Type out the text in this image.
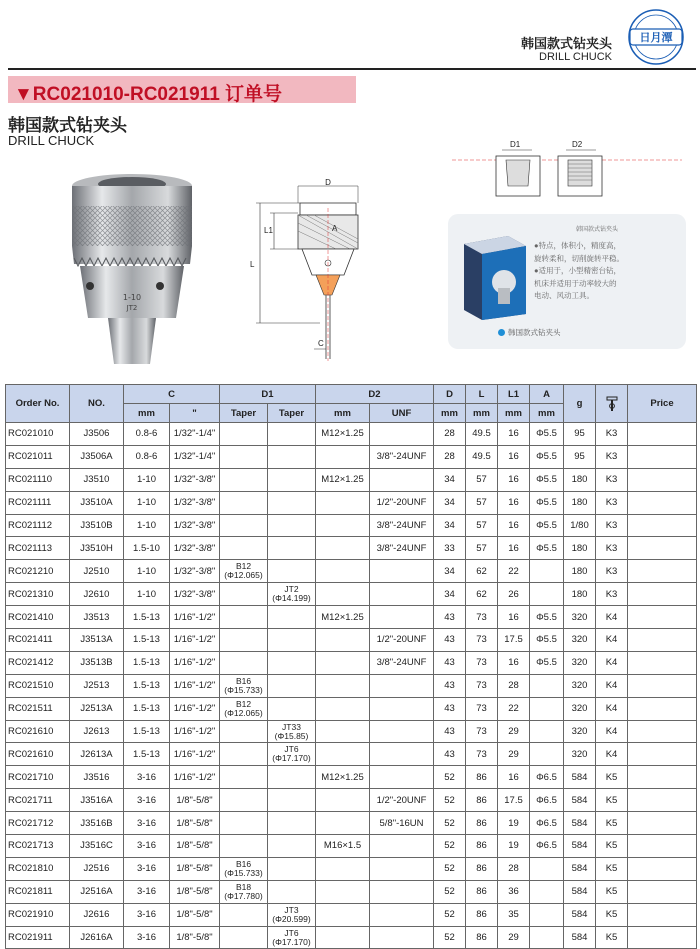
韩国款式钻夹头
DRILL CHUCK
日月潭
▼RC021010-RC021911 订单号
韩国款式钻夹头
DRILL CHUCK
1-10
JT2
D
A
L1
L
C
D1	D2
韩国款式钻夹头
●特点，体积小，精度高，
旋转柔和，切削旋转平稳。
●适用于，小型精密台钻，
机床并适用于动率较大的
电动、风动工具。
韩国款式钻夹头
Order No.	NO.	C		D1		D2		D	L	L1	A	g		Price
		mm	"	Taper	Taper	mm	UNF	mm	mm	mm	mm			
RC021010	J3506	0.8-6	1/32"-1/4"			M12×1.25		28	49.5	16	Φ5.5	95	K3	
RC021011	J3506A	0.8-6	1/32"-1/4"				3/8"-24UNF	28	49.5	16	Φ5.5	95	K3	
RC021110	J3510	1-10	1/32"-3/8"			M12×1.25		34	57	16	Φ5.5	180	K3	
RC021111	J3510A	1-10	1/32"-3/8"				1/2"-20UNF	34	57	16	Φ5.5	180	K3	
RC021112	J3510B	1-10	1/32"-3/8"				3/8"-24UNF	34	57	16	Φ5.5	1/80	K3	
RC021113	J3510H	1.5-10	1/32"-3/8"				3/8"-24UNF	33	57	16	Φ5.5	180	K3	
RC021210	J2510	1-10	1/32"-3/8"	B12
(Φ12.065)				34	62	22		180	K3	
RC021310	J2610	1-10	1/32"-3/8"		JT2
(Φ14.199)			34	62	26		180	K3	
RC021410	J3513	1.5-13	1/16"-1/2"			M12×1.25		43	73	16	Φ5.5	320	K4	
RC021411	J3513A	1.5-13	1/16"-1/2"				1/2"-20UNF	43	73	17.5	Φ5.5	320	K4	
RC021412	J3513B	1.5-13	1/16"-1/2"				3/8"-24UNF	43	73	16	Φ5.5	320	K4	
RC021510	J2513	1.5-13	1/16"-1/2"	B16
(Φ15.733)				43	73	28		320	K4	
RC021511	J2513A	1.5-13	1/16"-1/2"	B12
(Φ12.065)				43	73	22		320	K4	
RC021610	J2613	1.5-13	1/16"-1/2"		JT33
(Φ15.85)			43	73	29		320	K4	
RC021610	J2613A	1.5-13	1/16"-1/2"		JT6
(Φ17.170)			43	73	29		320	K4	
RC021710	J3516	3-16	1/16"-1/2"			M12×1.25		52	86	16	Φ6.5	584	K5	
RC021711	J3516A	3-16	1/8"-5/8"				1/2"-20UNF	52	86	17.5	Φ6.5	584	K5	
RC021712	J3516B	3-16	1/8"-5/8"				5/8"-16UN	52	86	19	Φ6.5	584	K5	
RC021713	J3516C	3-16	1/8"-5/8"			M16×1.5		52	86	19	Φ6.5	584	K5	
RC021810	J2516	3-16	1/8"-5/8"	B16
(Φ15.733)				52	86	28		584	K5	
RC021811	J2516A	3-16	1/8"-5/8"	B18
(Φ17.780)				52	86	36		584	K5	
RC021910	J2616	3-16	1/8"-5/8"		JT3
(Φ20.599)			52	86	35		584	K5	
RC021911	J2616A	3-16	1/8"-5/8"		JT6
(Φ17.170)			52	86	29		584	K5	
